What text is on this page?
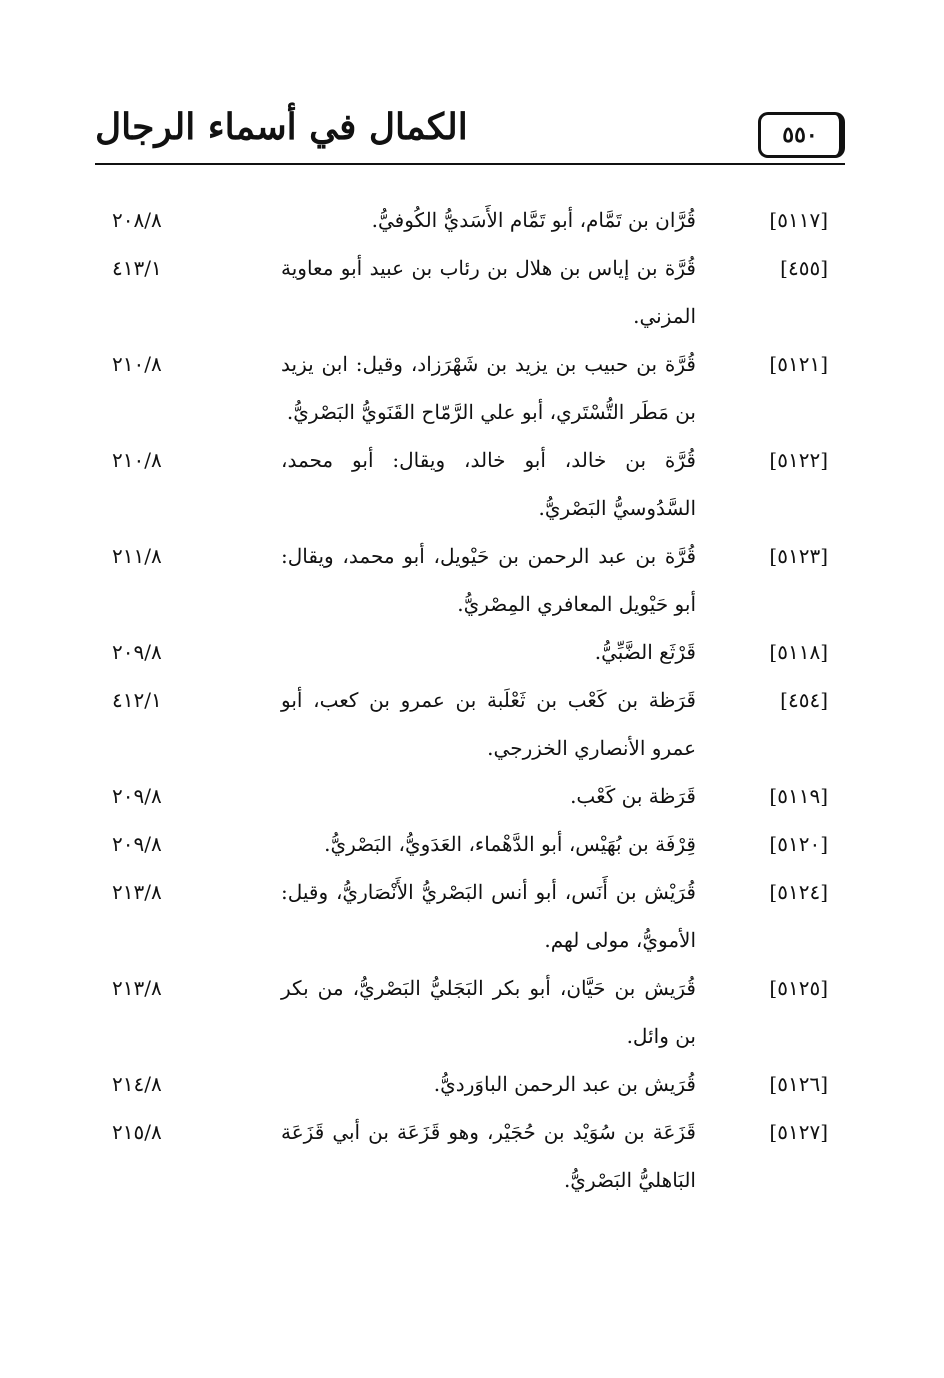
الكمال في أسماء الرجال	٥٥٠
[٥١١٧]
قُرَّان بن تَمَّام، أبو تَمَّام الأَسَديُّ الكُوفيُّ.
٢٠٨/٨
[٤٥٥]
قُرَّة بن إياس بن هلال بن رئاب بن عبيد أبو معاوية المزني.
٤١٣/١
[٥١٢١]
قُرَّة بن حبيب بن يزيد بن شَهْرَزاد، وقيل: ابن يزيد بن مَطَر التُّسْتَري، أبو علي الرَّمّاح القَنَويُّ البَصْريُّ.
٢١٠/٨
[٥١٢٢]
قُرَّة بن خالد، أبو خالد، ويقال: أبو محمد، السَّدُوسيُّ البَصْريُّ.
٢١٠/٨
[٥١٢٣]
قُرَّة بن عبد الرحمن بن حَيْويل، أبو محمد، ويقال: أبو حَيْويل المعافري المِصْريُّ.
٢١١/٨
[٥١١٨]
قَرْثَع الضَّبِّيُّ.
٢٠٩/٨
[٤٥٤]
قَرَظة بن كَعْب بن ثَعْلَبة بن عمرو بن كعب، أبو عمرو الأنصاري الخزرجي.
٤١٢/١
[٥١١٩]
قَرَظة بن كَعْب.
٢٠٩/٨
[٥١٢٠]
قِرْفَة بن بُهَيْس، أبو الدَّهْماء، العَدَويُّ، البَصْريُّ.
٢٠٩/٨
[٥١٢٤]
قُرَيْش بن أَنَس، أبو أنس البَصْريُّ الأَنْصَاريُّ، وقيل: الأمويُّ، مولى لهم.
٢١٣/٨
[٥١٢٥]
قُرَيش بن حَيَّان، أبو بكر البَجَليُّ البَصْريُّ، من بكر بن وائل.
٢١٣/٨
[٥١٢٦]
قُرَيش بن عبد الرحمن الباوَرديُّ.
٢١٤/٨
[٥١٢٧]
قَزَعَة بن سُوَيْد بن حُجَيْر، وهو قَزَعَة بن أبي قَزَعَة البَاهليُّ البَصْريُّ.
٢١٥/٨
